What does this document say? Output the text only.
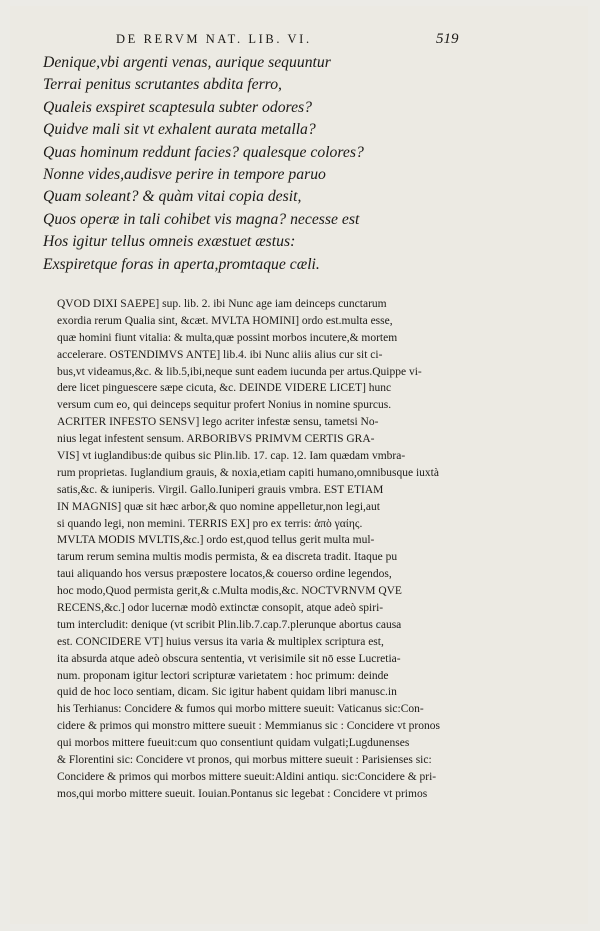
DE RERVM NAT. LIB. VI.	519
Denique,vbi argenti venas, aurique sequuntur
Terrai penitus scrutantes abdita ferro,
Qualeis exspiret scaptesula subter odores?
Quidve mali sit vt exhalent aurata metalla?
Quas hominum reddunt facies? qualesque colores?
Nonne vides,audisve perire in tempore paruo
Quam soleant? & quàm vitai copia desit,
Quos operæ in tali cohibet vis magna? necesse est
Hos igitur tellus omneis exæstuet æstus:
Exspiretque foras in aperta,promtaque cæli.
QVOD DIXI SAEPE] sup. lib. 2. ibi Nunc age iam deinceps cunctarum
exordia rerum Qualia sint, &cæt. MVLTA HOMINI] ordo est.multa esse,
quæ homini fiunt vitalia: & multa,quæ possint morbos incutere,& mortem
accelerare. OSTENDIMVS ANTE] lib.4. ibi Nunc aliis alius cur sit ci-
bus,vt videamus,&c. & lib.5,ibi,neque sunt eadem iucunda per artus.Quippe vi-
dere licet pinguescere sæpe cicuta, &c. DEINDE VIDERE LICET] hunc
versum cum eo, qui deinceps sequitur profert Nonius in nomine spurcus.
ACRITER INFESTO SENSV] lego acriter infestæ sensu, tametsi No-
nius legat infestent sensum. ARBORIBVS PRIMVM CERTIS GRA-
VIS] vt iuglandibus:de quibus sic Plin.lib. 17. cap. 12. Iam quædam vmbra-
rum proprietas. Iuglandium grauis, & noxia,etiam capiti humano,omnibusque iuxtà
satis,&c. & iuniperis. Virgil. Gallo.Iuniperi grauis vmbra. EST ETIAM
IN MAGNIS] quæ sit hæc arbor,& quo nomine appelletur,non legi,aut
si quando legi, non memini. TERRIS EX] pro ex terris: ἀπὸ γαίης.
MVLTA MODIS MVLTIS,&c.] ordo est,quod tellus gerit multa mul-
tarum rerum semina multis modis permista, & ea discreta tradit. Itaque pu
taui aliquando hos versus præpostere locatos,& couerso ordine legendos,
hoc modo,Quod permista gerit,& c.Multa modis,&c. NOCTVRNVM QVE
RECENS,&c.] odor lucernæ modò extinctæ consopit, atque adeò spiri-
tum intercludit: denique (vt scribit Plin.lib.7.cap.7.plerunque abortus causa
est. CONCIDERE VT] huius versus ita varia & multiplex scriptura est,
ita absurda atque adeò obscura sententia, vt verisimile sit nō esse Lucretia-
num. proponam igitur lectori scripturæ varietatem : hoc primum: deinde
quid de hoc loco sentiam, dicam. Sic igitur habent quidam libri manusc.in
his Terhianus: Concidere & fumos qui morbo mittere sueuit: Vaticanus sic:Con-
cidere & primos qui monstro mittere sueuit : Memmianus sic : Concidere vt pronos
qui morbos mittere fueuit:cum quo consentiunt quidam vulgati;Lugdunenses
& Florentini sic: Concidere vt pronos, qui morbus mittere sueuit : Parisienses sic:
Concidere & primos qui morbos mittere sueuit:Aldini antiqu. sic:Concidere & pri-
mos,qui morbo mittere sueuit. Iouian.Pontanus sic legebat : Concidere vt primos
